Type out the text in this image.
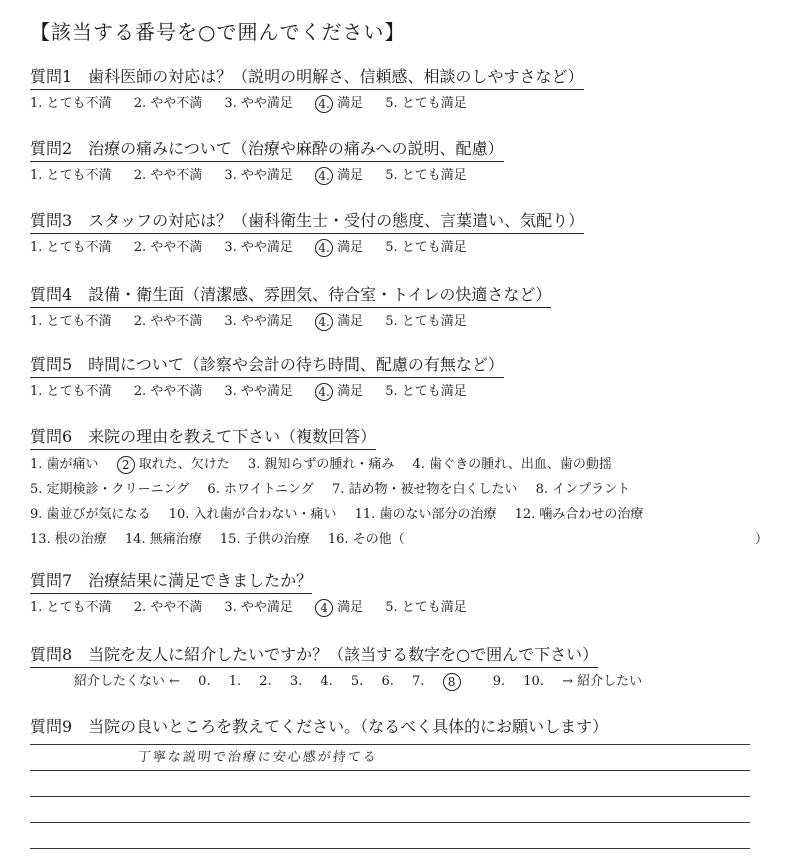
【該当する番号を○で囲んでください】
質問1　歯科医師の対応は？（説明の明解さ、信頼感、相談のしやすさなど）
1. とても不満 2. やや不満 3. やや満足 4. 満足 5. とても満足
質問2　治療の痛みについて（治療や麻酔の痛みへの説明、配慮）
1. とても不満 2. やや不満 3. やや満足 4. 満足 5. とても満足
質問3　スタッフの対応は？（歯科衛生士・受付の態度、言葉遣い、気配り）
1. とても不満 2. やや不満 3. やや満足 4. 満足 5. とても満足
質問4　設備・衛生面（清潔感、雰囲気、待合室・トイレの快適さなど）
1. とても不満 2. やや不満 3. やや満足 4. 満足 5. とても満足
質問5　時間について（診察や会計の待ち時間、配慮の有無など）
1. とても不満 2. やや不満 3. やや満足 4. 満足 5. とても満足
質問6　来院の理由を教えて下さい（複数回答）
1. 歯が痛い 2 取れた、欠けた 3. 親知らずの腫れ・痛み 4. 歯ぐきの腫れ、出血、歯の動揺
5. 定期検診・クリーニング 6. ホワイトニング 7. 詰め物・被せ物を白くしたい 8. インプラント
9. 歯並びが気になる 10. 入れ歯が合わない・痛い 11. 歯のない部分の治療 12. 噛み合わせの治療
13. 根の治療 14. 無痛治療 15. 子供の治療 16. その他（	）
質問7　治療結果に満足できましたか？
1. とても不満 2. やや不満 3. やや満足 4 満足 5. とても満足
質問8　当院を友人に紹介したいですか？（該当する数字を○で囲んで下さい）
紹介したくない ← 0. 1. 2. 3. 4. 5. 6. 7. 8	9. 10. → 紹介したい
質問9　当院の良いところを教えてください。（なるべく具体的にお願いします）
丁寧な説明で治療に安心感が持てる
